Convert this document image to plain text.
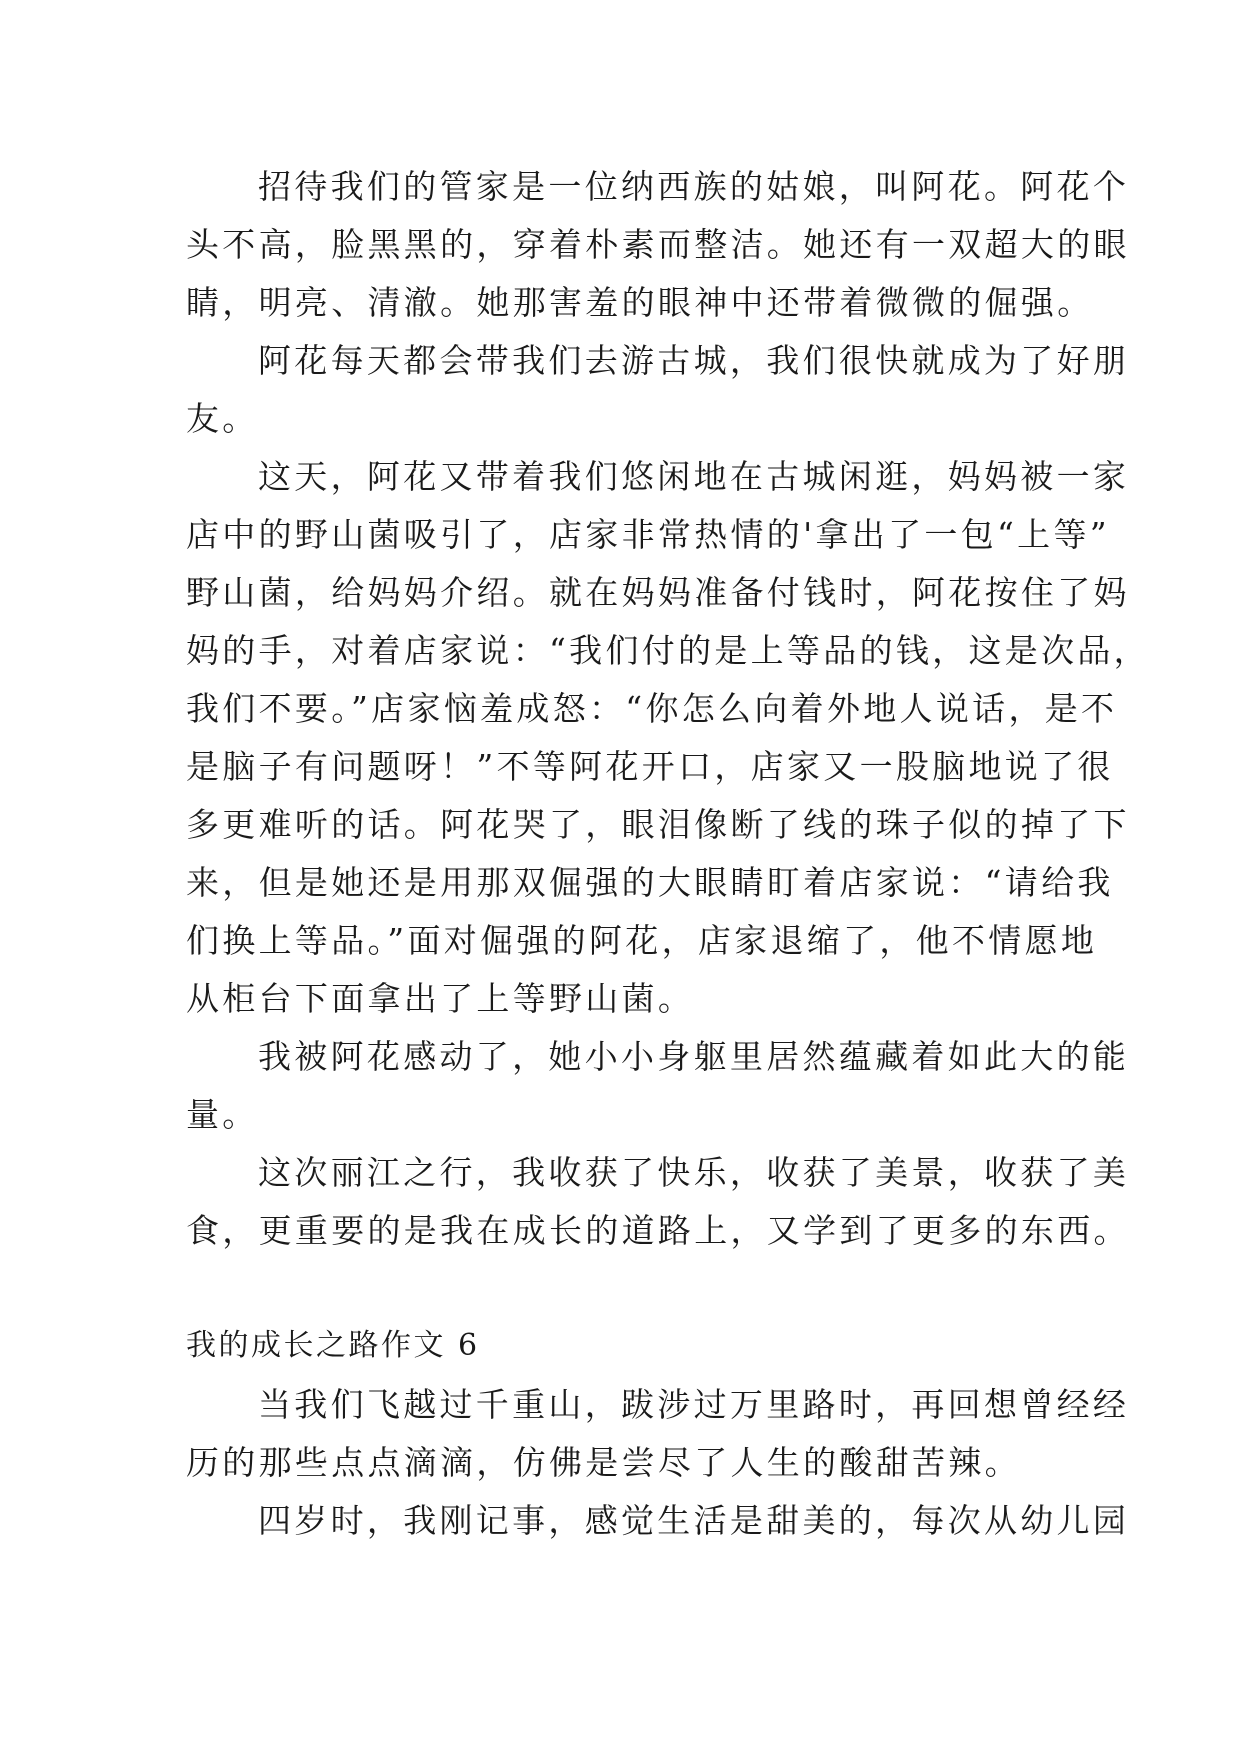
招待我们的管家是一位纳西族的姑娘，叫阿花。阿花个
头不高，脸黑黑的，穿着朴素而整洁。她还有一双超大的眼
睛，明亮、清澈。她那害羞的眼神中还带着微微的倔强。
阿花每天都会带我们去游古城，我们很快就成为了好朋
友。
这天，阿花又带着我们悠闲地在古城闲逛，妈妈被一家
店中的野山菌吸引了，店家非常热情的'拿出了一包“上等”
野山菌，给妈妈介绍。就在妈妈准备付钱时，阿花按住了妈
妈的手，对着店家说：“我们付的是上等品的钱，这是次品，
我们不要。”店家恼羞成怒：“你怎么向着外地人说话，是不
是脑子有问题呀！”不等阿花开口，店家又一股脑地说了很
多更难听的话。阿花哭了，眼泪像断了线的珠子似的掉了下
来，但是她还是用那双倔强的大眼睛盯着店家说：“请给我
们换上等品。”面对倔强的阿花，店家退缩了，他不情愿地
从柜台下面拿出了上等野山菌。
我被阿花感动了，她小小身躯里居然蕴藏着如此大的能
量。
这次丽江之行，我收获了快乐，收获了美景，收获了美
食，更重要的是我在成长的道路上，又学到了更多的东西。
我的成长之路作文 6
当我们飞越过千重山，跋涉过万里路时，再回想曾经经
历的那些点点滴滴，仿佛是尝尽了人生的酸甜苦辣。
四岁时，我刚记事，感觉生活是甜美的，每次从幼儿园
